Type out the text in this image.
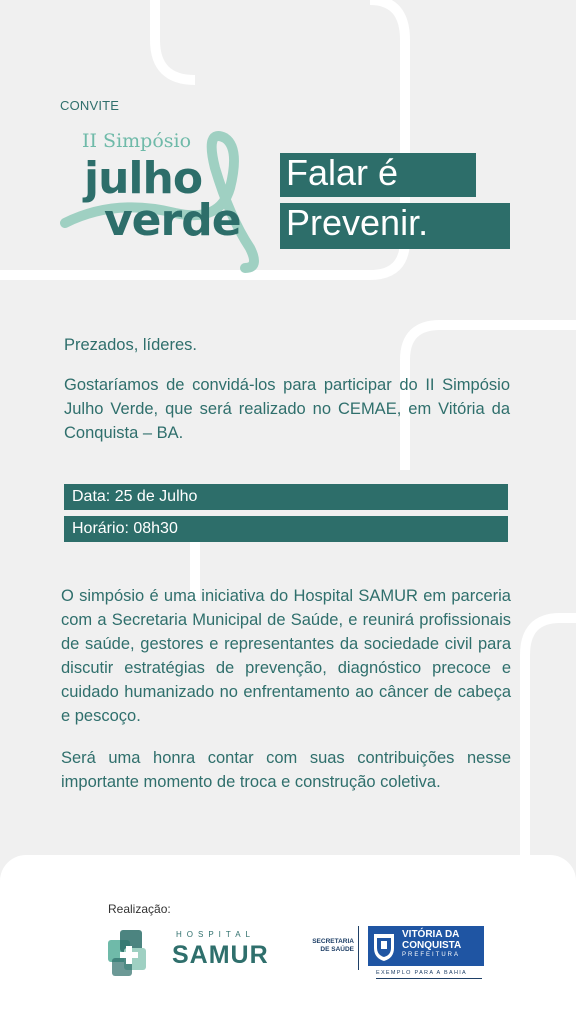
CONVITE
II Simpósio
julho
verde
Falar é
Prevenir.
Prezados, líderes.
Gostaríamos de convidá-los para participar do II Simpósio Julho Verde, que será realizado no CEMAE, em Vitória da Conquista – BA.
Data: 25 de Julho
Horário: 08h30
O simpósio é uma iniciativa do Hospital SAMUR em parceria com a Secretaria Municipal de Saúde, e reunirá profissionais de saúde, gestores e representantes da sociedade civil para discutir estratégias de prevenção, diagnóstico precoce e cuidado humanizado no enfrentamento ao câncer de cabeça e pescoço.
Será uma honra contar com suas contribuições nesse importante momento de troca e construção coletiva.
Realização:
HOSPITAL
SAMUR	SECRETARIA
DE SAÚDE
VITÓRIA DA
CONQUISTA
PREFEITURA
EXEMPLO PARA A BAHIA
